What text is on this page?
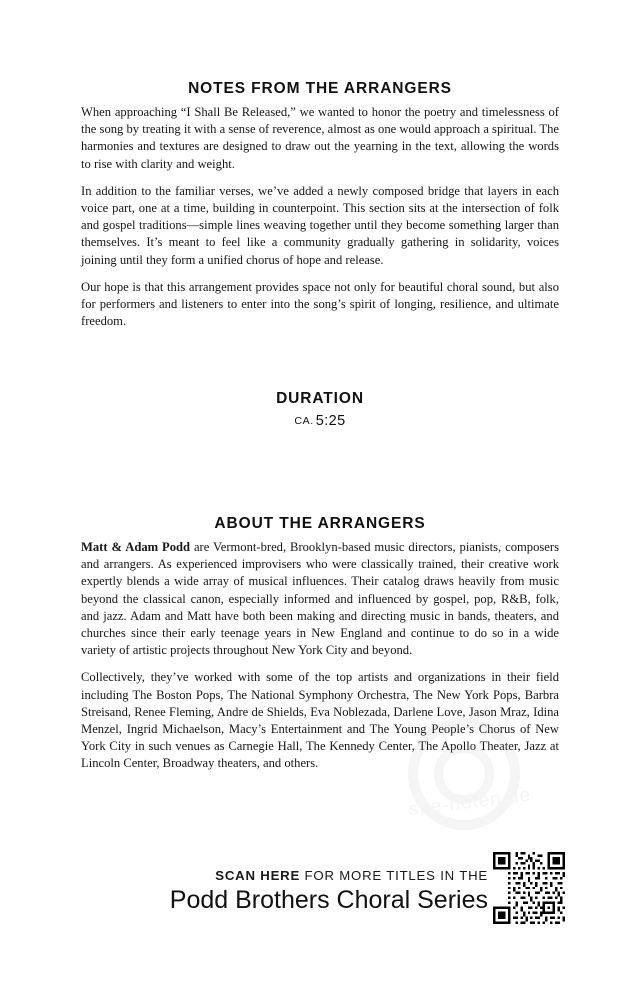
NOTES FROM THE ARRANGERS

When approaching “I Shall Be Released,” we wanted to honor the poetry and timelessness of the song by treating it with a sense of reverence, almost as one would approach a spiritual. The harmonies and textures are designed to draw out the yearning in the text, allowing the words to rise with clarity and weight.

In addition to the familiar verses, we’ve added a newly composed bridge that layers in each voice part, one at a time, building in counterpoint. This section sits at the intersection of folk and gospel traditions—simple lines weaving together until they become something larger than themselves. It’s meant to feel like a community gradually gathering in solidarity, voices joining until they form a unified chorus of hope and release.

Our hope is that this arrangement provides space not only for beautiful choral sound, but also for performers and listeners to enter into the song’s spirit of longing, resilience, and ultimate freedom.

DURATION
CA. 5:25
ABOUT THE ARRANGERS

Matt & Adam Podd are Vermont-bred, Brooklyn-based music directors, pianists, composers and arrangers. As experienced improvisers who were classically trained, their creative work expertly blends a wide array of musical influences. Their catalog draws heavily from music beyond the classical canon, especially informed and influenced by gospel, pop, R&B, folk, and jazz. Adam and Matt have both been making and directing music in bands, theaters, and churches since their early teenage years in New England and continue to do so in a wide variety of artistic projects throughout New York City and beyond.

Collectively, they’ve worked with some of the top artists and organizations in their field including The Boston Pops, The National Symphony Orchestra, The New York Pops, Barbra Streisand, Renee Fleming, Andre de Shields, Eva Noblezada, Darlene Love, Jason Mraz, Idina Menzel, Ingrid Michaelson, Macy’s Entertainment and The Young People’s Chorus of New York City in such venues as Carnegie Hall, The Kennedy Center, The Apollo Theater, Jazz at Lincoln Center, Broadway theaters, and others.

site-noten.de

SCAN HERE FOR MORE TITLES IN THE

Podd Brothers Choral Series
